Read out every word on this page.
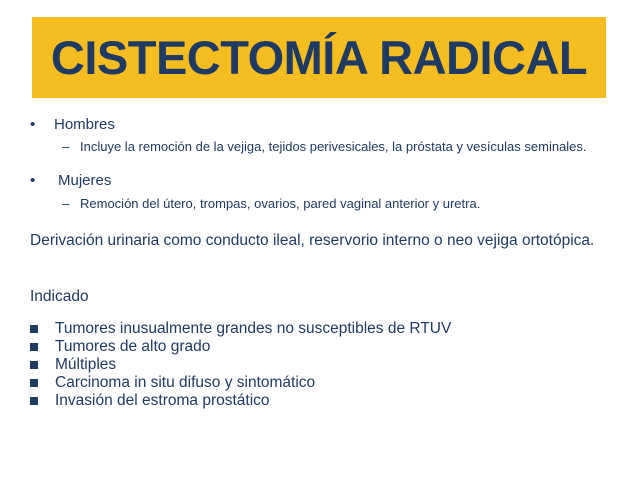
CISTECTOMÍA RADICAL
•	Hombres
– Incluye la remoción de la vejiga, tejidos perivesicales, la próstata y vesículas seminales.
•	Mujeres
– Remoción del útero, trompas, ovarios, pared vaginal anterior y uretra.
Derivación urinaria como conducto ileal, reservorio interno o neo vejiga ortotópica.
Indicado
Tumores inusualmente grandes no susceptibles de RTUV
Tumores de alto grado
Múltiples
Carcinoma in situ difuso y sintomático
Invasión del estroma prostático
